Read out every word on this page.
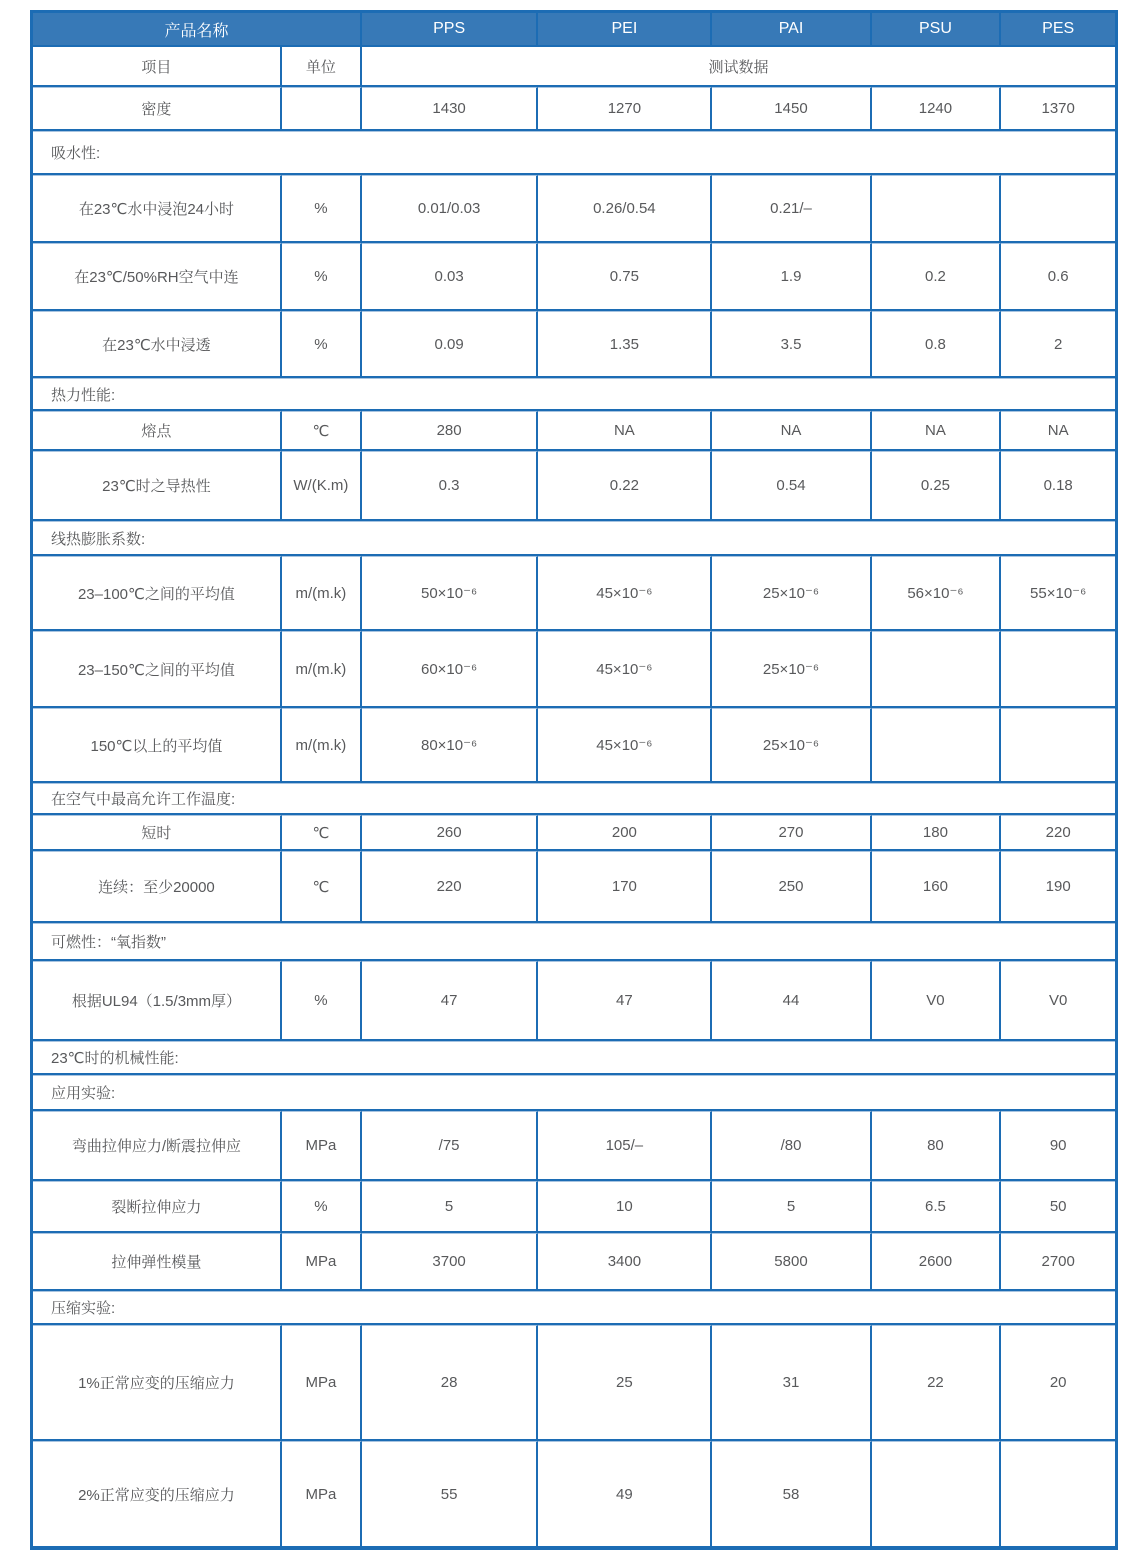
产品名称		PPS	PEI	PAI	PSU	PES
项目	单位	测试数据				
密度		1430	1270	1450	1240	1370
吸水性:						
在23℃水中浸泡24小时	%	0.01/0.03	0.26/0.54	0.21/–		
在23℃/50%RH空气中连	%	0.03	0.75	1.9	0.2	0.6
在23℃水中浸透	%	0.09	1.35	3.5	0.8	2
热力性能:						
熔点	℃	280	NA	NA	NA	NA
23℃时之导热性	W/(K.m)	0.3	0.22	0.54	0.25	0.18
线热膨胀系数:						
23–100℃之间的平均值	m/(m.k)	50×10⁻⁶	45×10⁻⁶	25×10⁻⁶	56×10⁻⁶	55×10⁻⁶
23–150℃之间的平均值	m/(m.k)	60×10⁻⁶	45×10⁻⁶	25×10⁻⁶		
150℃以上的平均值	m/(m.k)	80×10⁻⁶	45×10⁻⁶	25×10⁻⁶		
在空气中最高允许工作温度:						
短时	℃	260	200	270	180	220
连续：至少20000	℃	220	170	250	160	190
可燃性：“氧指数”						
根据UL94（1.5/3mm厚）	%	47	47	44	V0	V0
23℃时的机械性能:						
应用实验:						
弯曲拉伸应力/断震拉伸应	MPa	/75	105/–	/80	80	90
裂断拉伸应力	%	5	10	5	6.5	50
拉伸弹性模量	MPa	3700	3400	5800	2600	2700
压缩实验:						
1%正常应变的压缩应力	MPa	28	25	31	22	20
2%正常应变的压缩应力	MPa	55	49	58		
